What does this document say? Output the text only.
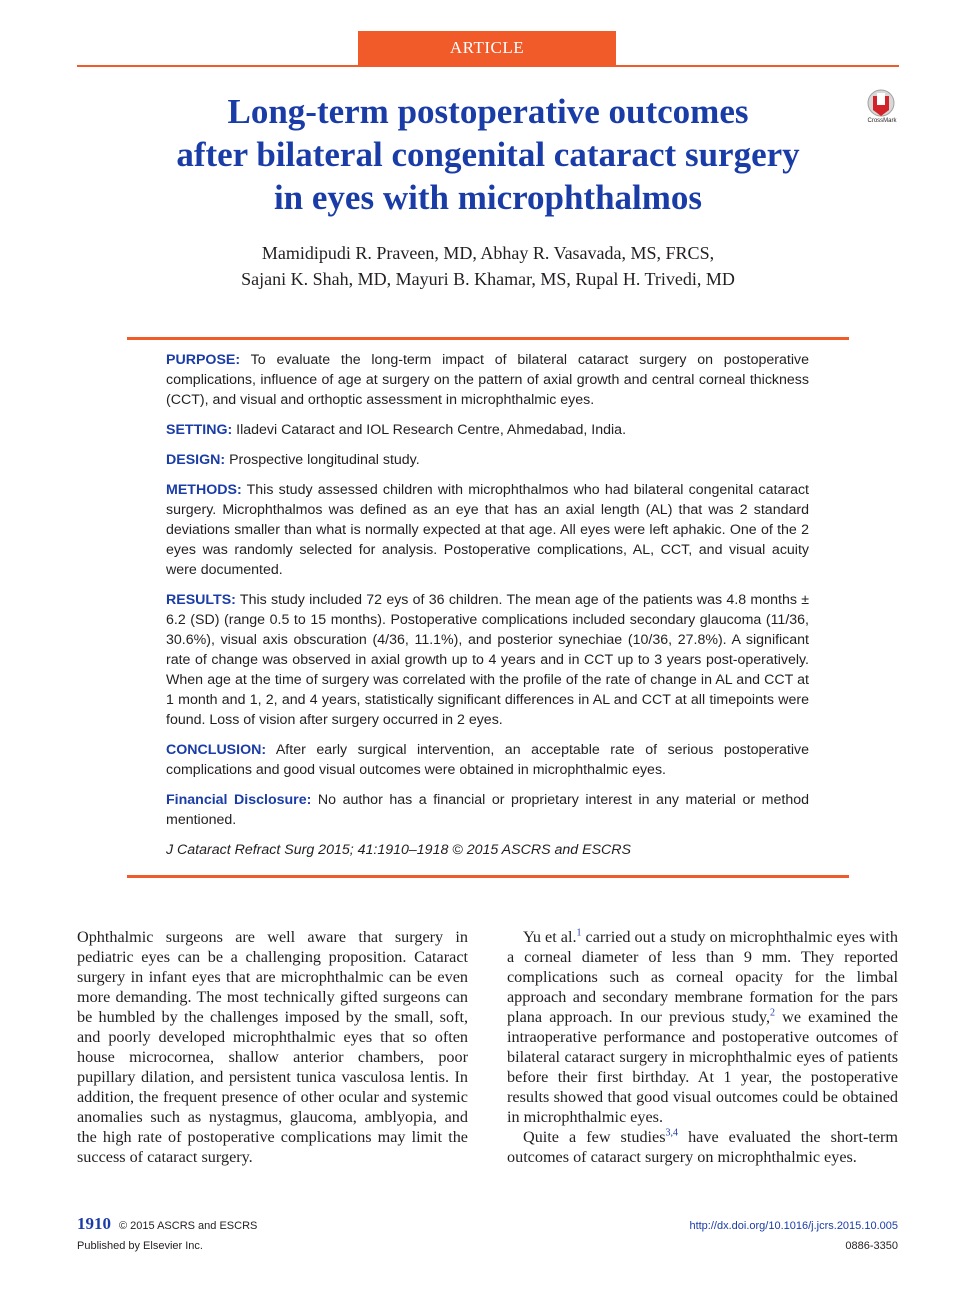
ARTICLE
CrossMark
Long-term postoperative outcomes
after bilateral congenital cataract surgery
in eyes with microphthalmos
Mamidipudi R. Praveen, MD, Abhay R. Vasavada, MS, FRCS,
Sajani K. Shah, MD, Mayuri B. Khamar, MS, Rupal H. Trivedi, MD

PURPOSE: To evaluate the long-term impact of bilateral cataract surgery on postoperative complications, influence of age at surgery on the pattern of axial growth and central corneal thickness (CCT), and visual and orthoptic assessment in microphthalmic eyes.

SETTING: Iladevi Cataract and IOL Research Centre, Ahmedabad, India.

DESIGN: Prospective longitudinal study.

METHODS: This study assessed children with microphthalmos who had bilateral congenital cataract surgery. Microphthalmos was defined as an eye that has an axial length (AL) that was 2 standard deviations smaller than what is normally expected at that age. All eyes were left aphakic. One of the 2 eyes was randomly selected for analysis. Postoperative complications, AL, CCT, and visual acuity were documented.

RESULTS: This study included 72 eys of 36 children. The mean age of the patients was 4.8 months ± 6.2 (SD) (range 0.5 to 15 months). Postoperative complications included secondary glaucoma (11/36, 30.6%), visual axis obscuration (4/36, 11.1%), and posterior synechiae (10/36, 27.8%). A significant rate of change was observed in axial growth up to 4 years and in CCT up to 3 years post-operatively. When age at the time of surgery was correlated with the profile of the rate of change in AL and CCT at 1 month and 1, 2, and 4 years, statistically significant differences in AL and CCT at all timepoints were found. Loss of vision after surgery occurred in 2 eyes.

CONCLUSION: After early surgical intervention, an acceptable rate of serious postoperative complications and good visual outcomes were obtained in microphthalmic eyes.

Financial Disclosure: No author has a financial or proprietary interest in any material or method mentioned.

J Cataract Refract Surg 2015; 41:1910–1918 © 2015 ASCRS and ESCRS

Ophthalmic surgeons are well aware that surgery in pediatric eyes can be a challenging proposition. Cataract surgery in infant eyes that are microphthalmic can be even more demanding. The most technically gifted surgeons can be humbled by the challenges imposed by the small, soft, and poorly developed microphthalmic eyes that so often house microcornea, shallow anterior chambers, poor pupillary dilation, and persistent tunica vasculosa lentis. In addition, the frequent presence of other ocular and systemic anomalies such as nystagmus, glaucoma, amblyopia, and the high rate of postoperative complications may limit the success of cataract surgery.

Yu et al.$^1$ carried out a study on microphthalmic eyes with a corneal diameter of less than 9 mm. They reported complications such as corneal opacity for the limbal approach and secondary membrane formation for the pars plana approach. In our previous study,$^2$ we examined the intraoperative performance and postoperative outcomes of bilateral cataract surgery in microphthalmic eyes of patients before their first birthday. At 1 year, the postoperative results showed that good visual outcomes could be obtained in microphthalmic eyes.

Quite a few studies$^{3,4}$ have evaluated the short-term outcomes of cataract surgery on microphthalmic eyes.

1910 © 2015 ASCRS and ESCRS
Published by Elsevier Inc.
http://dx.doi.org/10.1016/j.jcrs.2015.10.005
0886-3350
